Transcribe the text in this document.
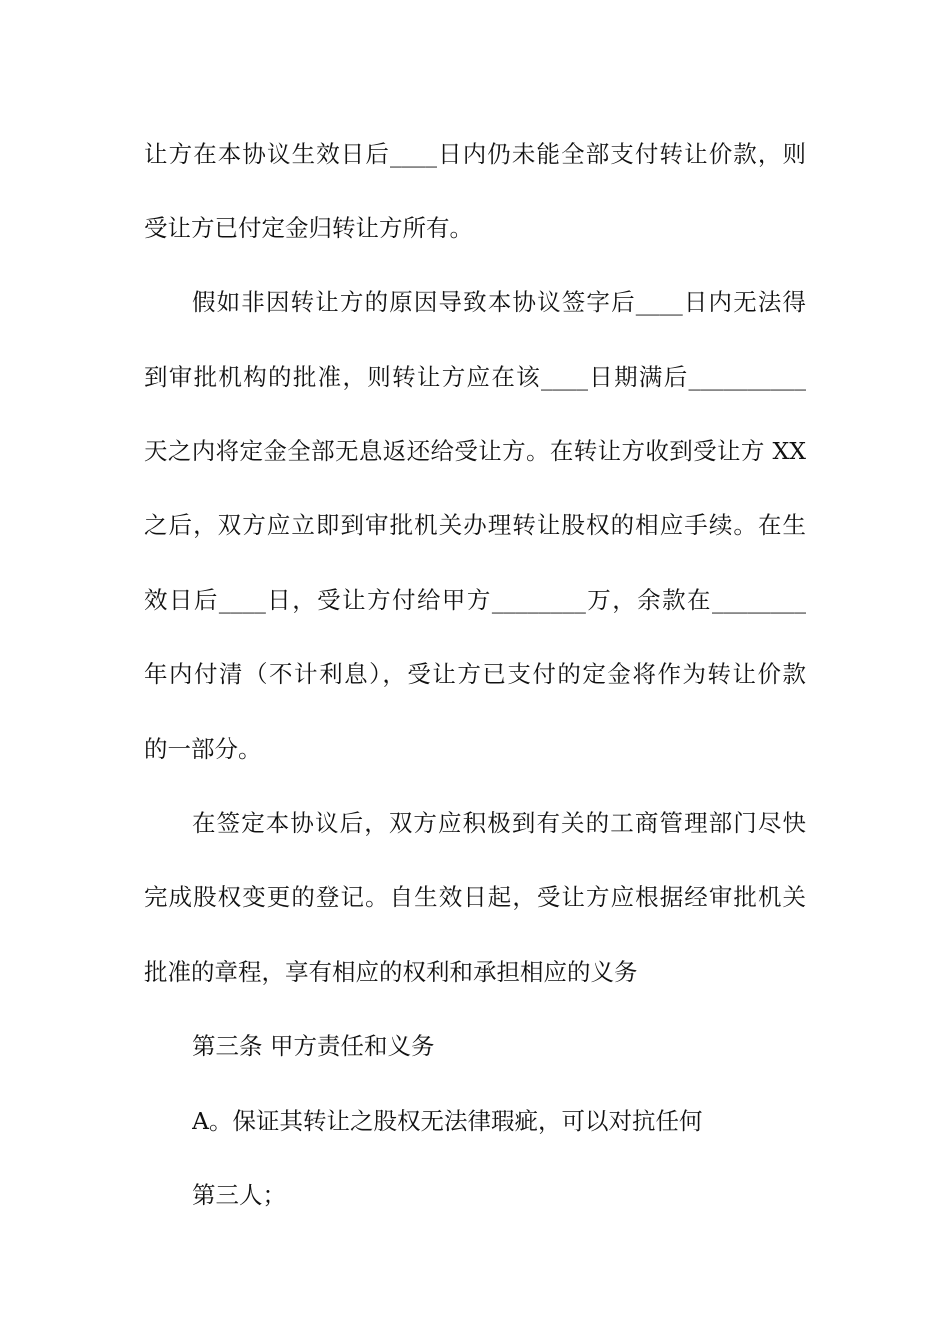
让方在本协议生效日后____日内仍未能全部支付转让价款，则
受让方已付定金归转让方所有。
假如非因转让方的原因导致本协议签字后____日内无法得
到审批机构的批准，则转让方应在该____日期满后__________
天之内将定金全部无息返还给受让方。在转让方收到受让方 XX
之后，双方应立即到审批机关办理转让股权的相应手续。在生
效日后____日，受让方付给甲方________万，余款在________
年内付清（不计利息），受让方已支付的定金将作为转让价款
的一部分。
在签定本协议后，双方应积极到有关的工商管理部门尽快
完成股权变更的登记。自生效日起，受让方应根据经审批机关
批准的章程，享有相应的权利和承担相应的义务
第三条 甲方责任和义务
A。保证其转让之股权无法律瑕疵，可以对抗任何
第三人；
